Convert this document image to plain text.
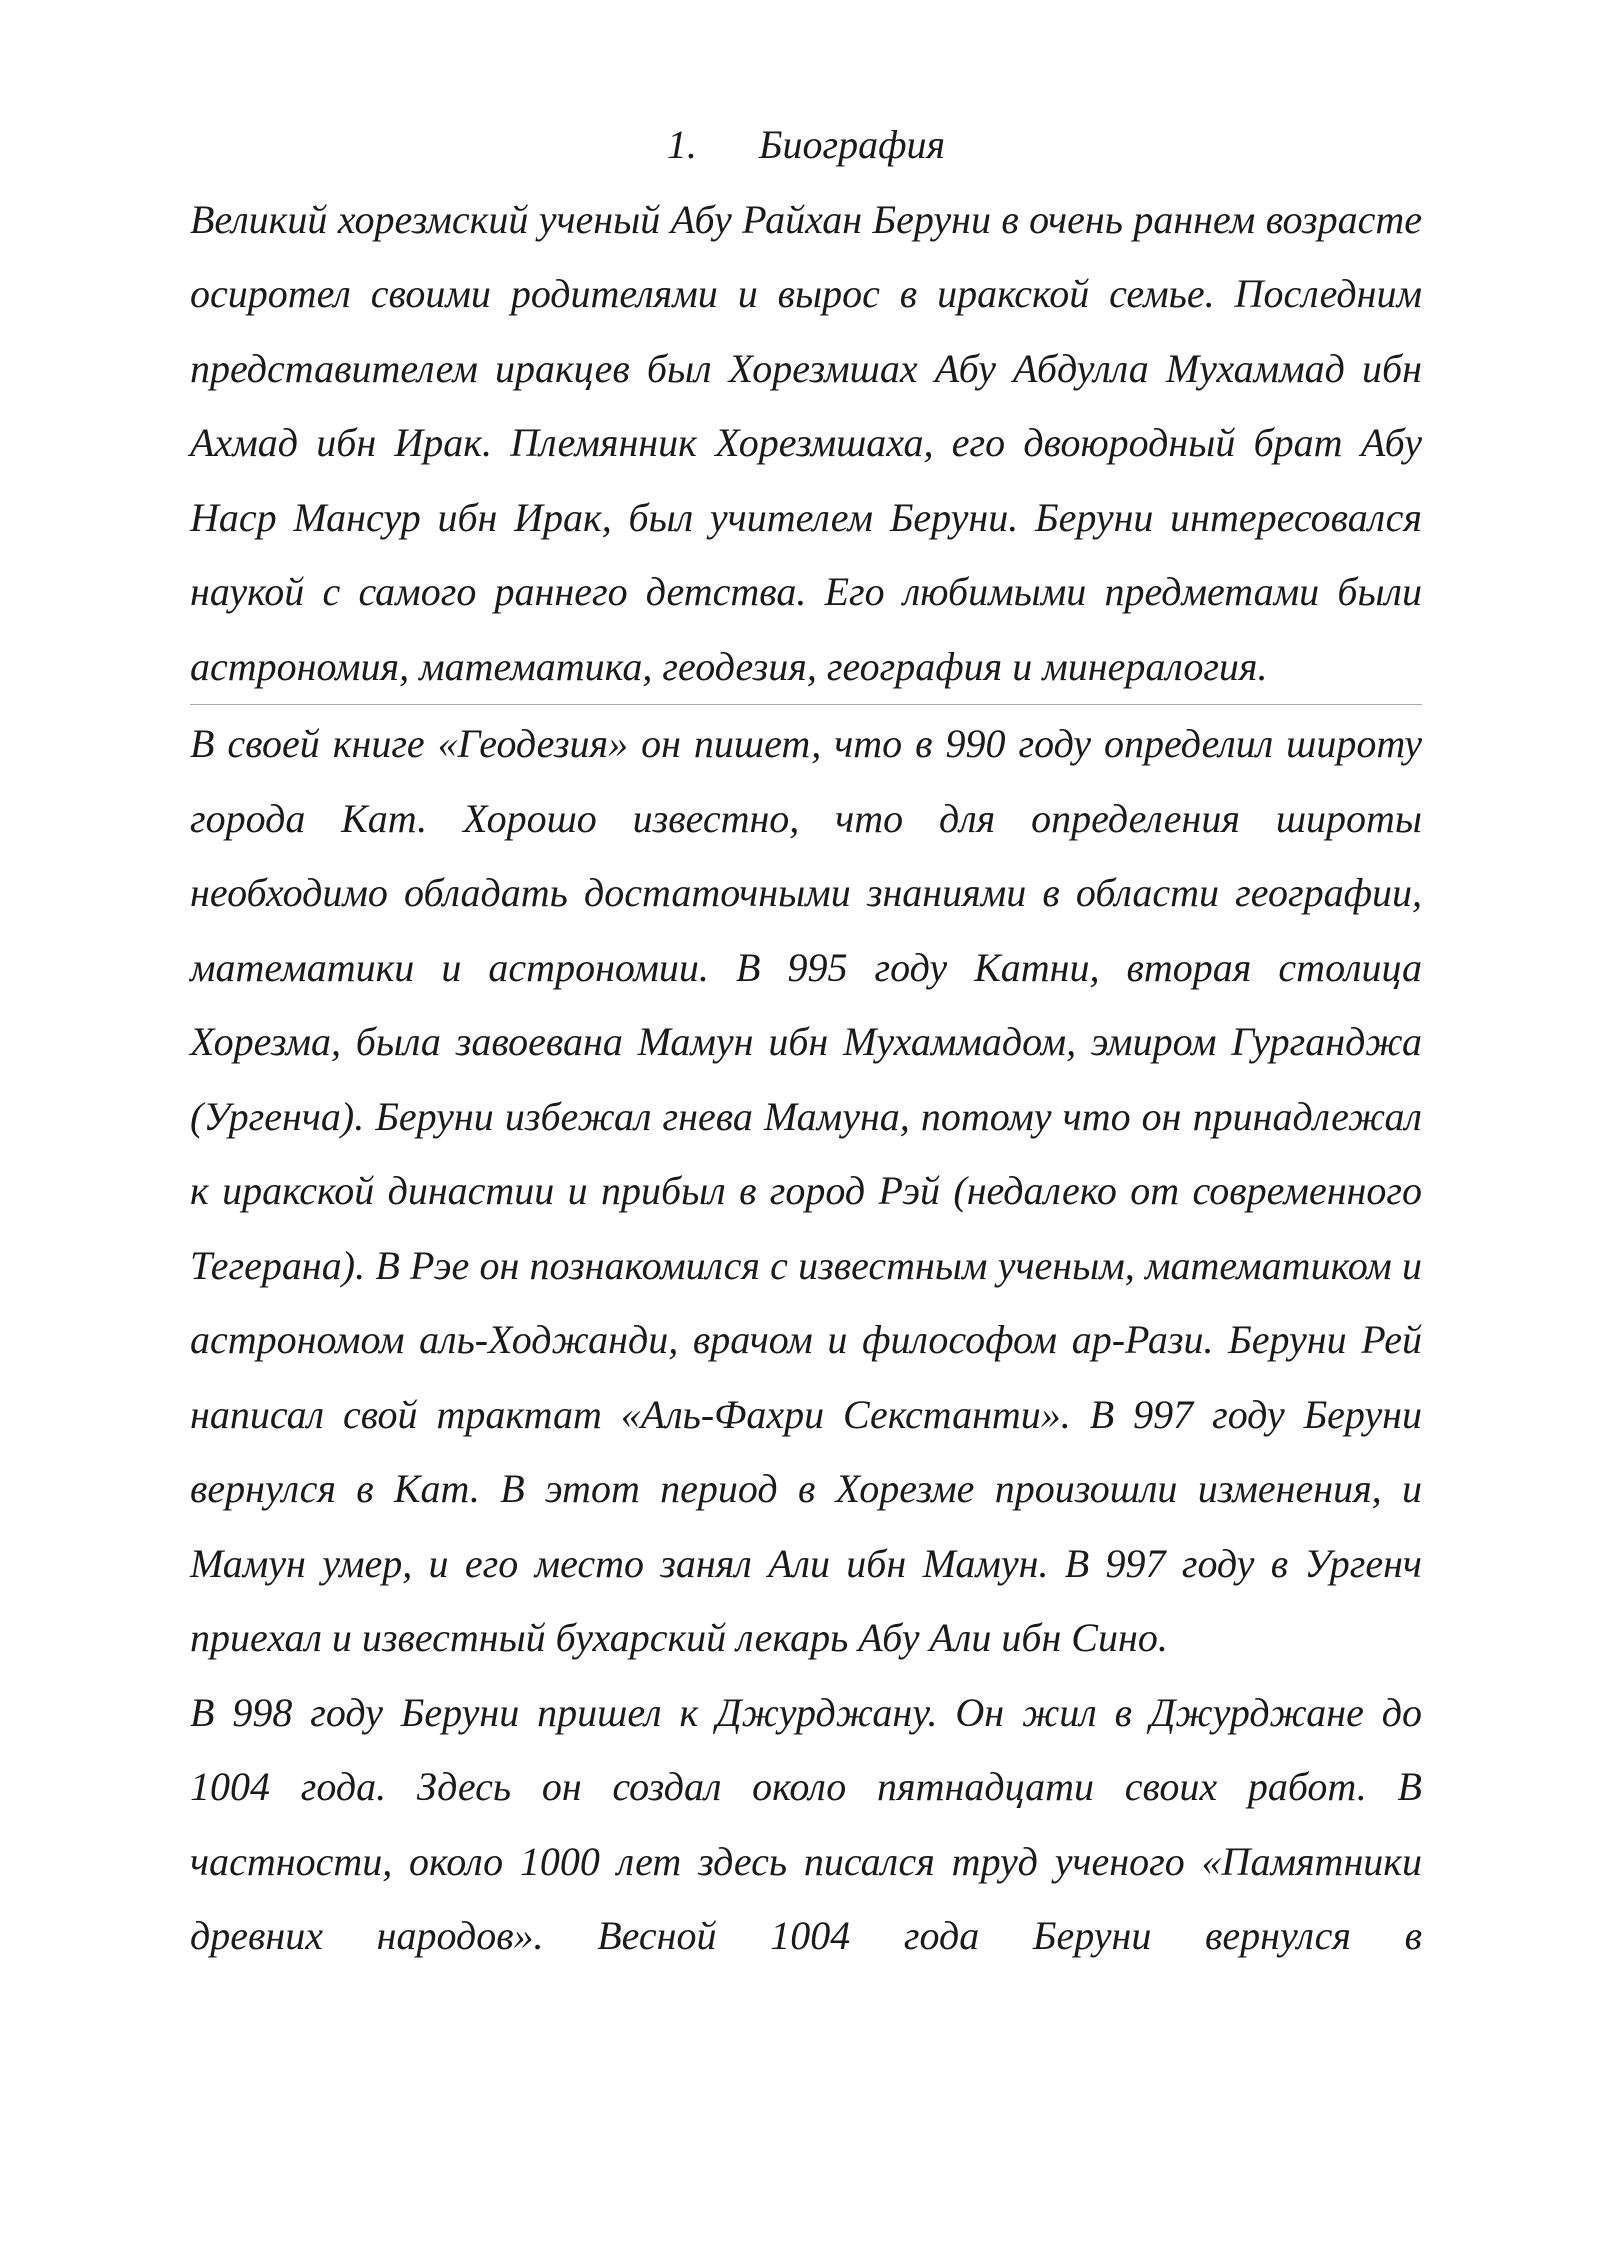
1. Биография

Великий хорезмский ученый Абу Райхан Беруни в очень раннем возрасте осиротел своими родителями и вырос в иракской семье. Последним представителем иракцев был Хорезмшах Абу Абдулла Мухаммад ибн Ахмад ибн Ирак. Племянник Хорезмшаха, его двоюродный брат Абу Наср Мансур ибн Ирак, был учителем Беруни. Беруни интересовался наукой с самого раннего детства. Его любимыми предметами были астрономия, математика, геодезия, география и минералогия.

В своей книге «Геодезия» он пишет, что в 990 году определил широту города Кат. Хорошо известно, что для определения широты необходимо обладать достаточными знаниями в области географии, математики и астрономии. В 995 году Катни, вторая столица Хорезма, была завоевана Мамун ибн Мухаммадом, эмиром Гурганджа (Ургенча). Беруни избежал гнева Мамуна, потому что он принадлежал к иракской династии и прибыл в город Рэй (недалеко от современного Тегерана). В Рэе он познакомился с известным ученым, математиком и астрономом аль-Ходжанди, врачом и философом ар-Рази. Беруни Рей написал свой трактат «Аль-Фахри Секстанти». В 997 году Беруни вернулся в Кат. В этот период в Хорезме произошли изменения, и Мамун умер, и его место занял Али ибн Мамун. В 997 году в Ургенч приехал и известный бухарский лекарь Абу Али ибн Сино.

В 998 году Беруни пришел к Джурджану. Он жил в Джурджане до 1004 года. Здесь он создал около пятнадцати своих работ. В частности, около 1000 лет здесь писался труд ученого «Памятники древних народов». Весной 1004 года Беруни вернулся в
